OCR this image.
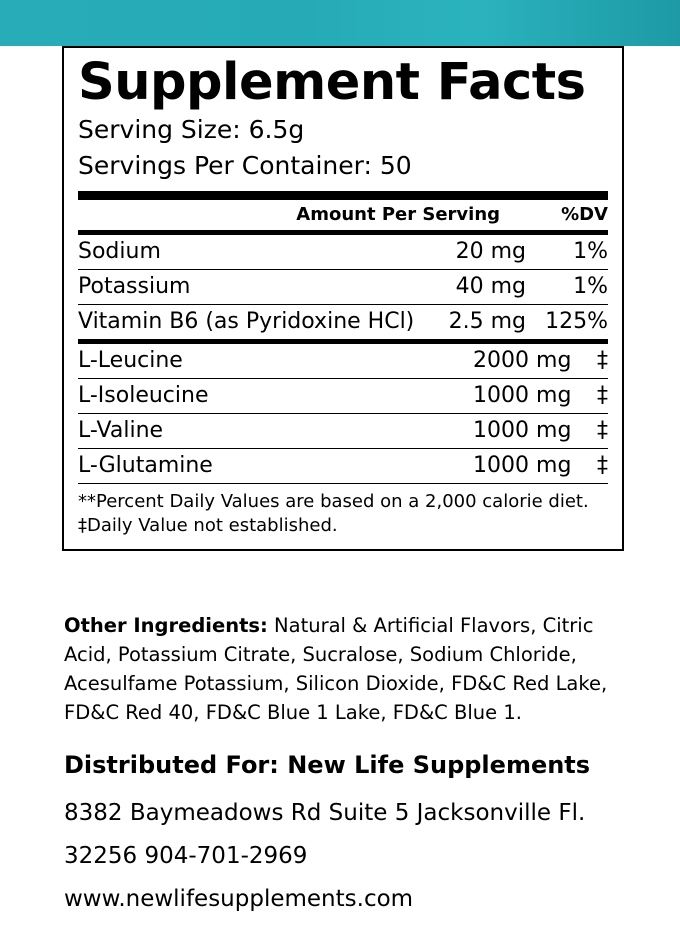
Supplement Facts
Serving Size: 6.5g
Servings Per Container: 50
	Amount Per Serving	%DV
Sodium	20 mg	1%
Potassium	40 mg	1%
Vitamin B6 (as Pyridoxine HCl)	2.5 mg	125%
L-Leucine	2000 mg	‡
L-Isoleucine	1000 mg	‡
L-Valine	1000 mg	‡
L-Glutamine	1000 mg	‡
**Percent Daily Values are based on a 2,000 calorie diet.
‡Daily Value not established.
Other Ingredients: Natural & Artificial Flavors, Citric Acid, Potassium Citrate, Sucralose, Sodium Chloride, Acesulfame Potassium, Silicon Dioxide, FD&C Red Lake, FD&C Red 40, FD&C Blue 1 Lake, FD&C Blue 1.
Distributed For: New Life Supplements
8382 Baymeadows Rd Suite 5 Jacksonville Fl.
32256 904-701-2969
www.newlifesupplements.com
